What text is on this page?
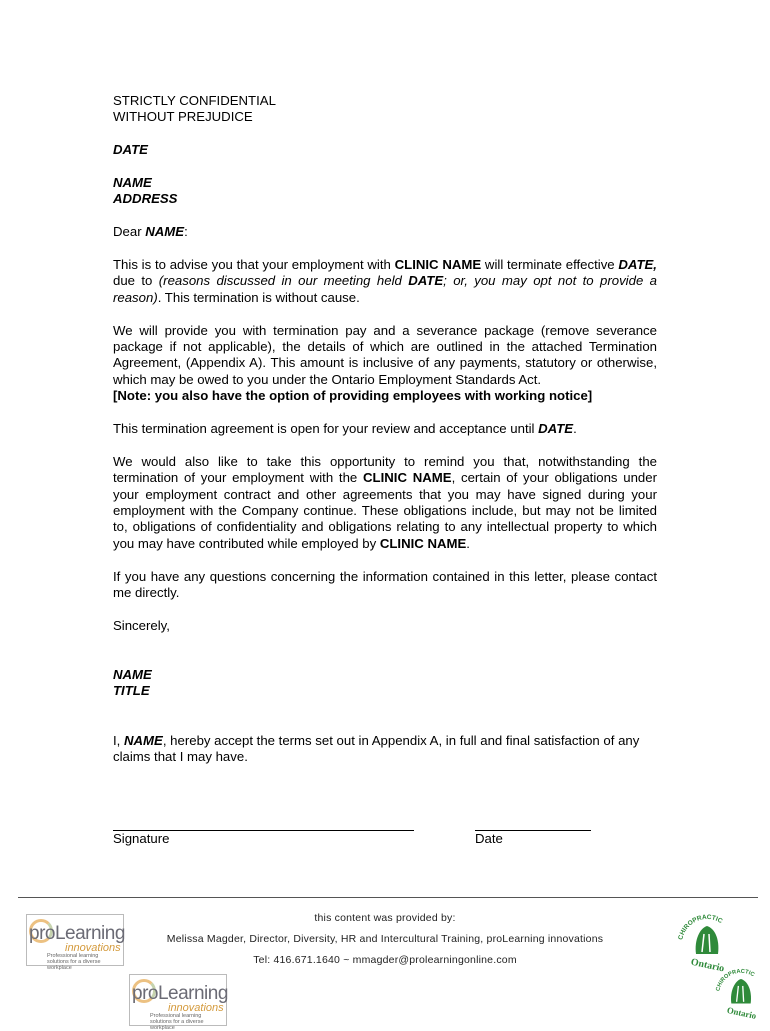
STRICTLY CONFIDENTIAL
WITHOUT PREJUDICE

DATE

NAME

ADDRESS

Dear NAME:

This is to advise you that your employment with CLINIC NAME will terminate effective DATE, due to (reasons discussed in our meeting held DATE; or, you may opt not to provide a reason). This termination is without cause.

We will provide you with termination pay and a severance package (remove severance package if not applicable), the details of which are outlined in the attached Termination Agreement, (Appendix A). This amount is inclusive of any payments, statutory or otherwise, which may be owed to you under the Ontario Employment Standards Act.
[Note: you also have the option of providing employees with working notice]

This termination agreement is open for your review and acceptance until DATE.

We would also like to take this opportunity to remind you that, notwithstanding the termination of your employment with the CLINIC NAME, certain of your obligations under your employment contract and other agreements that you may have signed during your employment with the Company continue. These obligations include, but may not be limited to, obligations of confidentiality and obligations relating to any intellectual property to which you may have contributed while employed by CLINIC NAME.

If you have any questions concerning the information contained in this letter, please contact me directly.

Sincerely,

NAME
TITLE

I, NAME, hereby accept the terms set out in Appendix A, in full and final satisfaction of any claims that I may have.

Signature	Date
this content was provided by:
Melissa Magder, Director, Diversity, HR and Intercultural Training, proLearning innovations
Tel: 416.671.1640 ~ mmagder@prolearningonline.com
proLearning
innovations
Professional learning solutions for a diverse workplace
proLearning
innovations
Professional learning solutions for a diverse workplace
CHIROPRACTIC
Ontario
CHIROPRACTIC
Ontario
